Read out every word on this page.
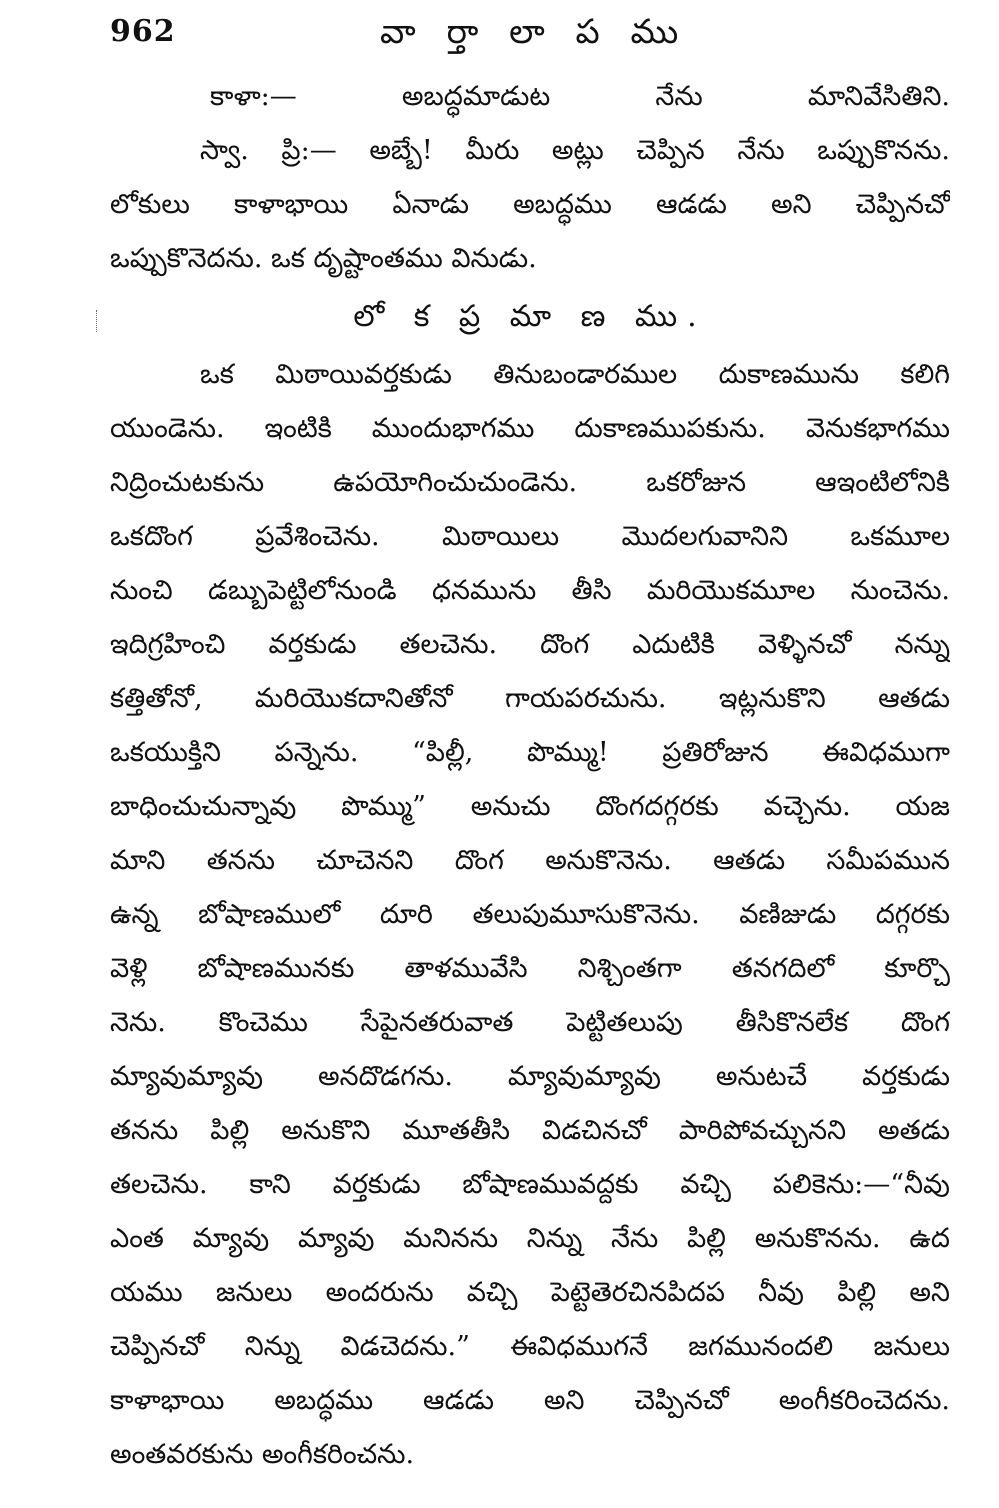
962	వా ర్తా లా ప ము
కాళా:— అబద్ధమాడుట నేను మానివేసితిని.
స్వా. ప్రి:— అబ్బే! మీరు అట్లు చెప్పిన నేను ఒప్పుకొనను.
లోకులు కాళాభాయి ఏనాడు అబద్ధము ఆడడు అని చెప్పినచో
ఒప్పుకొనెదను. ఒక దృష్టాంతము వినుడు.
లో క ప్ర మా ణ ము.
ఒక మిఠాయివర్తకుడు తినుబండారముల దుకాణమును కలిగి
యుండెను. ఇంటికి ముందుభాగము దుకాణముపకును. వెనుకభాగము
నిద్రించుటకును ఉపయోగించుచుండెను. ఒకరోజున ఆఇంటిలోనికి
ఒకదొంగ ప్రవేశించెను. మిఠాయిలు మొదలగువానిని ఒకమూల
నుంచి డబ్బుపెట్టిలోనుండి ధనమును తీసి మరియొకమూల నుంచెను.
ఇదిగ్రహించి వర్తకుడు తలచెను. దొంగ ఎదుటికి వెళ్ళినచో నన్ను
కత్తితోనో, మరియొకదానితోనో గాయపరచును. ఇట్లనుకొని ఆతడు
ఒకయుక్తిని పన్నెను. “పిల్లీ, పొమ్ము! ప్రతిరోజున ఈవిధముగా
బాధించుచున్నావు పొమ్ము” అనుచు దొంగదగ్గరకు వచ్చెను. యజ
మాని తనను చూచెనని దొంగ అనుకొనెను. ఆతడు సమీపమున
ఉన్న బోషాణములో దూరి తలుపుమూసుకొనెను. వణిజుడు దగ్గరకు
వెళ్లి బోషాణమునకు తాళమువేసి నిశ్చింతగా తనగదిలో కూర్చొ
నెను. కొంచెము సేపైనతరువాత పెట్టితలుపు తీసికొనలేక దొంగ
మ్యావుమ్యావు అనదొడగను. మ్యావుమ్యావు అనుటచే వర్తకుడు
తనను పిల్లి అనుకొని మూతతీసి విడచినచో పారిపోవచ్చునని అతడు
తలచెను. కాని వర్తకుడు బోషాణమువద్దకు వచ్చి పలికెను:—“నీవు
ఎంత మ్యావు మ్యావు మనినను నిన్ను నేను పిల్లి అనుకొనను. ఉద
యము జనులు అందరును వచ్చి పెట్టెతెరచినపిదప నీవు పిల్లి అని
చెప్పినచో నిన్ను విడచెదను.” ఈవిధముగనే జగమునందలి జనులు
కాళాభాయి అబద్ధము ఆడడు అని చెప్పినచో అంగీకరించెదను.
అంతవరకును అంగీకరించను.
